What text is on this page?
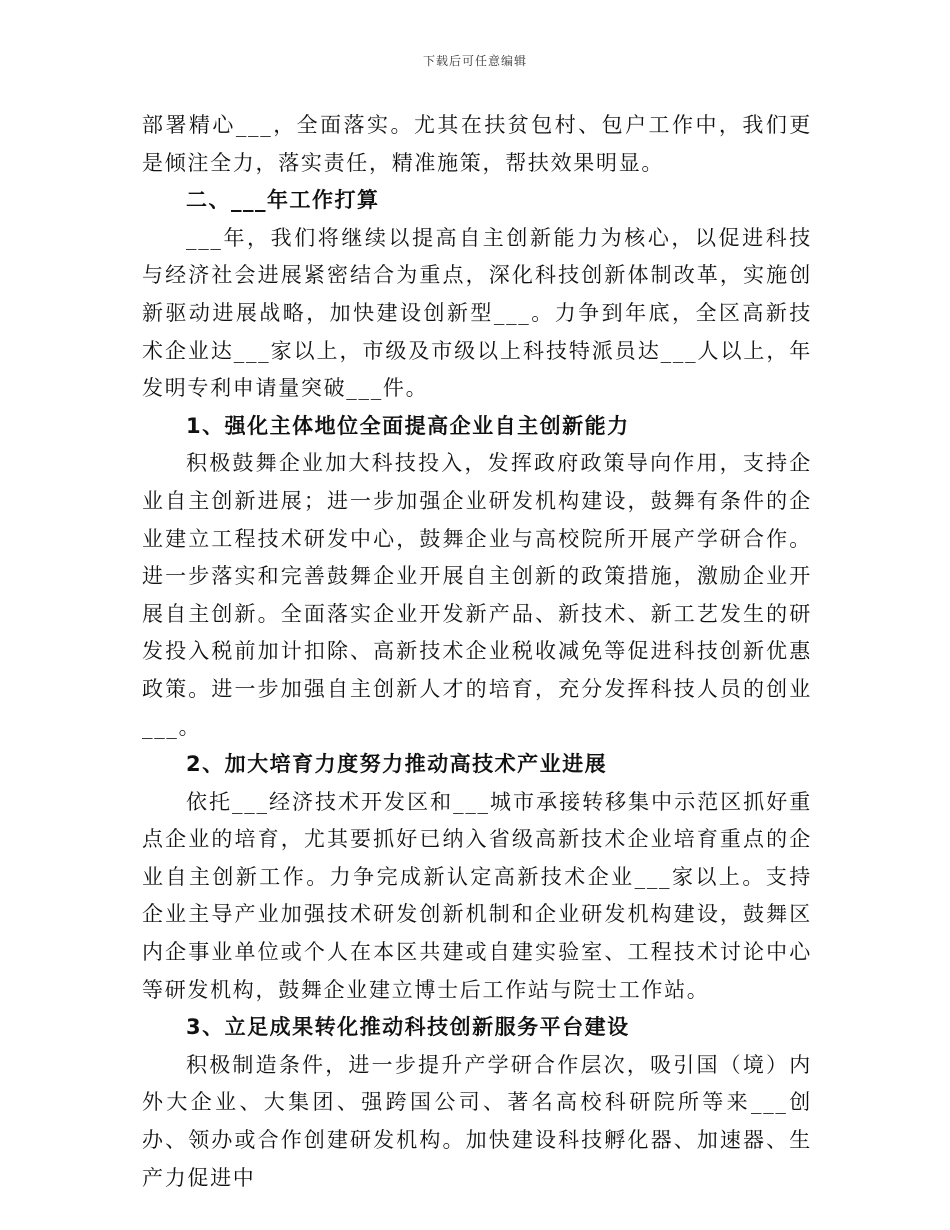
下载后可任意编辑

部署精心___，全面落实。尤其在扶贫包村、包户工作中，我们更是倾注全力，落实责任，精准施策，帮扶效果明显。

二、___年工作打算

___年，我们将继续以提高自主创新能力为核心，以促进科技与经济社会进展紧密结合为重点，深化科技创新体制改革，实施创新驱动进展战略，加快建设创新型___。力争到年底，全区高新技术企业达___家以上，市级及市级以上科技特派员达___人以上，年发明专利申请量突破___件。

1、强化主体地位全面提高企业自主创新能力

积极鼓舞企业加大科技投入，发挥政府政策导向作用，支持企业自主创新进展；进一步加强企业研发机构建设，鼓舞有条件的企业建立工程技术研发中心，鼓舞企业与高校院所开展产学研合作。进一步落实和完善鼓舞企业开展自主创新的政策措施，激励企业开展自主创新。全面落实企业开发新产品、新技术、新工艺发生的研发投入税前加计扣除、高新技术企业税收减免等促进科技创新优惠政策。进一步加强自主创新人才的培育，充分发挥科技人员的创业___。

2、加大培育力度努力推动高技术产业进展

依托___经济技术开发区和___城市承接转移集中示范区抓好重点企业的培育，尤其要抓好已纳入省级高新技术企业培育重点的企业自主创新工作。力争完成新认定高新技术企业___家以上。支持企业主导产业加强技术研发创新机制和企业研发机构建设，鼓舞区内企事业单位或个人在本区共建或自建实验室、工程技术讨论中心等研发机构，鼓舞企业建立博士后工作站与院士工作站。

3、立足成果转化推动科技创新服务平台建设

积极制造条件，进一步提升产学研合作层次，吸引国（境）内外大企业、大集团、强跨国公司、著名高校科研院所等来___创办、领办或合作创建研发机构。加快建设科技孵化器、加速器、生产力促进中
